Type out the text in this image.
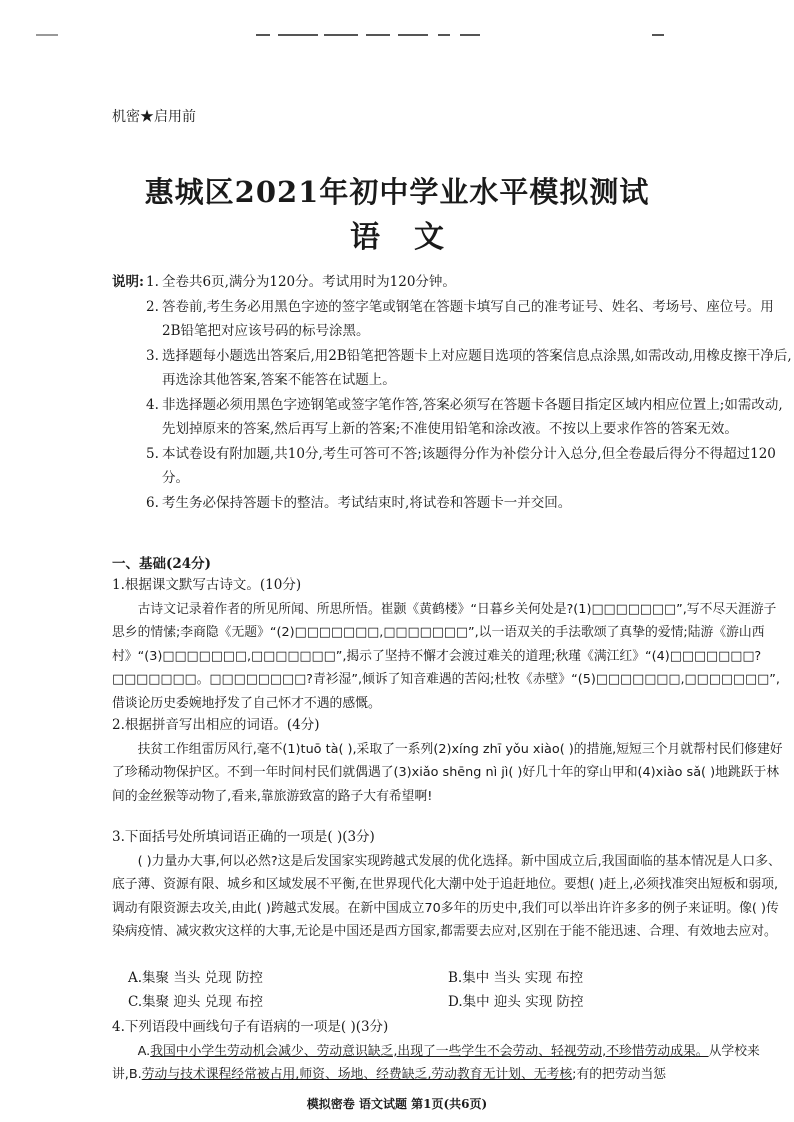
机密★启用前
惠城区2021年初中学业水平模拟测试
语文
说明: 1. 全卷共6页,满分为120分。考试用时为120分钟。
2. 答卷前,考生务必用黑色字迹的签字笔或钢笔在答题卡填写自己的准考证号、姓名、考场号、座位号。用2B铅笔把对应该号码的标号涂黑。
3. 选择题每小题选出答案后,用2B铅笔把答题卡上对应题目选项的答案信息点涂黑,如需改动,用橡皮擦干净后,再选涂其他答案,答案不能答在试题上。
4. 非选择题必须用黑色字迹钢笔或签字笔作答,答案必须写在答题卡各题目指定区域内相应位置上;如需改动,先划掉原来的答案,然后再写上新的答案;不准使用铅笔和涂改液。不按以上要求作答的答案无效。
5. 本试卷设有附加题,共10分,考生可答可不答;该题得分作为补偿分计入总分,但全卷最后得分不得超过120分。
6. 考生务必保持答题卡的整洁。考试结束时,将试卷和答题卡一并交回。
一、基础(24分)
1.根据课文默写古诗文。(10分)
古诗文记录着作者的所见所闻、所思所悟。崔颢《黄鹤楼》“日暮乡关何处是?(1)□□□□□□□”,写不尽天涯游子思乡的情愫;李商隐《无题》“(2)□□□□□□□,□□□□□□□”,以一语双关的手法歌颂了真挚的爱情;陆游《游山西村》“(3)□□□□□□□,□□□□□□□”,揭示了坚持不懈才会渡过难关的道理;秋瑾《满江红》“(4)□□□□□□□?□□□□□□□。□□□□□□□□?青衫湿”,倾诉了知音难遇的苦闷;杜牧《赤壁》“(5)□□□□□□□,□□□□□□□”,借谈论历史委婉地抒发了自己怀才不遇的感慨。
2.根据拼音写出相应的词语。(4分)
扶贫工作组雷厉风行,毫不(1)tuō tà( ),采取了一系列(2)xíng zhī yǒu xiào( )的措施,短短三个月就帮村民们修建好了珍稀动物保护区。不到一年时间村民们就偶遇了(3)xiǎo shēng nì jì( )好几十年的穿山甲和(4)xiào sǎ( )地跳跃于林间的金丝猴等动物了,看来,靠旅游致富的路子大有希望啊!
3.下面括号处所填词语正确的一项是( )(3分)
( )力量办大事,何以必然?这是后发国家实现跨越式发展的优化选择。新中国成立后,我国面临的基本情况是人口多、底子薄、资源有限、城乡和区域发展不平衡,在世界现代化大潮中处于追赶地位。要想( )赶上,必须找准突出短板和弱项,调动有限资源去攻关,由此( )跨越式发展。在新中国成立70多年的历史中,我们可以举出许许多多的例子来证明。像( )传染病疫情、减灾救灾这样的大事,无论是中国还是西方国家,都需要去应对,区别在于能不能迅速、合理、有效地去应对。
A.集聚 当头 兑现 防控	B.集中 当头 实现 布控 C.集聚 迎头 兑现 布控	D.集中 迎头 实现 防控
4.下列语段中画线句子有语病的一项是( )(3分)
A.我国中小学生劳动机会减少、劳动意识缺乏,出现了一些学生不会劳动、轻视劳动,不珍惜劳动成果。从学校来讲,B.劳动与技术课程经常被占用,师资、场地、经费缺乏,劳动教育无计划、无考核;有的把劳动当惩
模拟密卷 语文试题 第1页(共6页)
